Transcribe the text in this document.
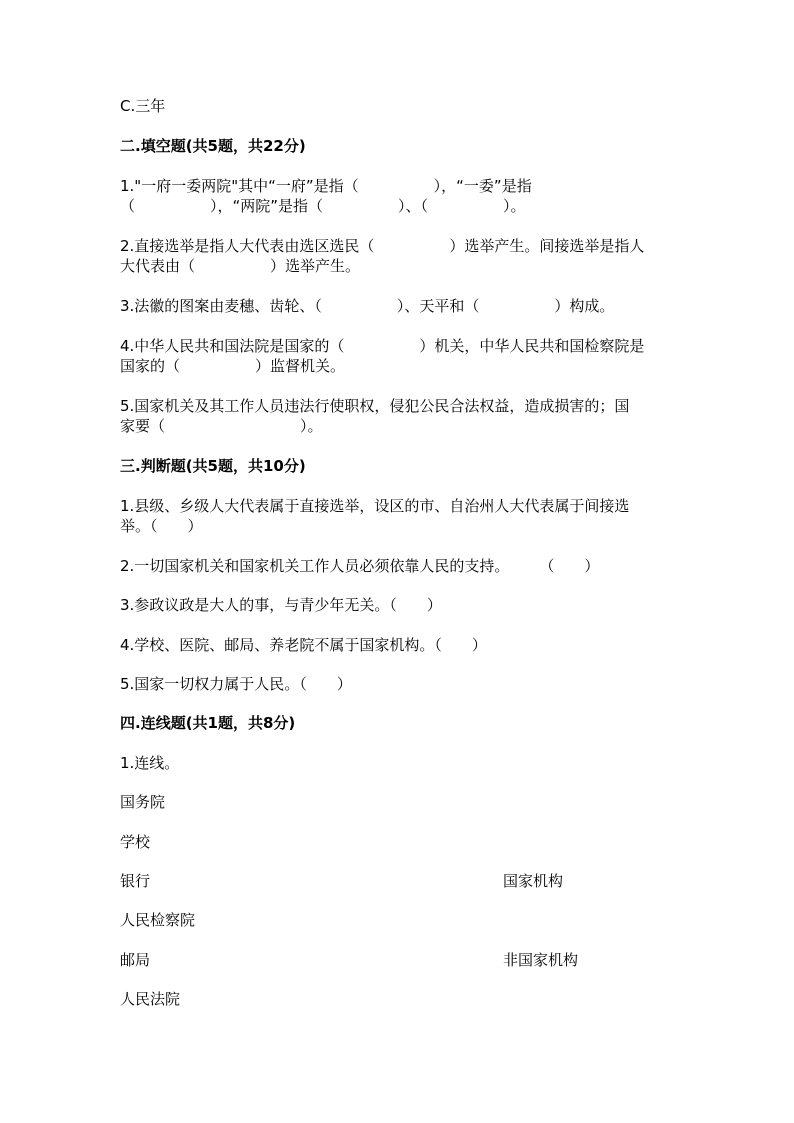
C.三年
二.填空题(共5题，共22分)
1."一府一委两院"其中“一府”是指（　　　　　），“一委”是指
（　　　　　），“两院”是指（　　　　　）、（　　　　　）。
2.直接选举是指人大代表由选区选民（　　　　　）选举产生。间接选举是指人
大代表由（　　　　　）选举产生。
3.法徽的图案由麦穗、齿轮、（　　　　　）、天平和（　　　　　）构成。
4.中华人民共和国法院是国家的（　　　　　）机关，中华人民共和国检察院是
国家的（　　　　　）监督机关。
5.国家机关及其工作人员违法行使职权，侵犯公民合法权益，造成损害的；国
家要（　　　　　　　　　）。
三.判断题(共5题，共10分)
1.县级、乡级人大代表属于直接选举，设区的市、自治州人大代表属于间接选
举。（　　）
2.一切国家机关和国家机关工作人员必须依靠人民的支持。　　　（　　）
3.参政议政是大人的事，与青少年无关。（　　）
4.学校、医院、邮局、养老院不属于国家机构。（　　）
5.国家一切权力属于人民。（　　）
四.连线题(共1题，共8分)
1.连线。
国务院
学校
银行	国家机构
人民检察院
邮局	非国家机构
人民法院
